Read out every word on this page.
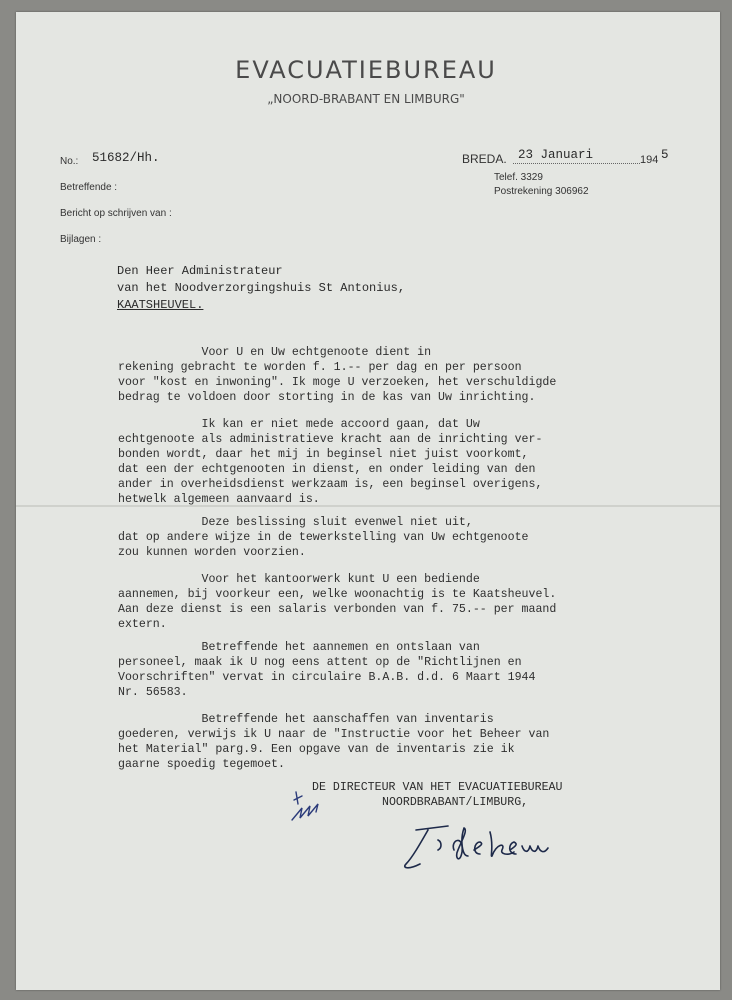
EVACUATIEBUREAU
„NOORD-BRABANT EN LIMBURG"
No.: 51682/Hh.
Betreffende :
Bericht op schrijven van :
Bijlagen :
BREDA. 23 Januari	194 5
Telef. 3329
Postrekening 306962
Den Heer Administrateur
van het Noodverzorgingshuis St Antonius,
KAATSHEUVEL.
Voor U en Uw echtgenoote dient in
rekening gebracht te worden f. 1.-- per dag en per persoon
voor "kost en inwoning". Ik moge U verzoeken, het verschuldigde
bedrag te voldoen door storting in de kas van Uw inrichting.
Ik kan er niet mede accoord gaan, dat Uw
echtgenoote als administratieve kracht aan de inrichting ver-
bonden wordt, daar het mij in beginsel niet juist voorkomt,
dat een der echtgenooten in dienst, en onder leiding van den
ander in overheidsdienst werkzaam is, een beginsel overigens,
hetwelk algemeen aanvaard is.
Deze beslissing sluit evenwel niet uit,
dat op andere wijze in de tewerkstelling van Uw echtgenoote
zou kunnen worden voorzien.
Voor het kantoorwerk kunt U een bediende
aannemen, bij voorkeur een, welke woonachtig is te Kaatsheuvel.
Aan deze dienst is een salaris verbonden van f. 75.-- per maand
extern.
Betreffende het aannemen en ontslaan van
personeel, maak ik U nog eens attent op de "Richtlijnen en
Voorschriften" vervat in circulaire B.A.B. d.d. 6 Maart 1944
Nr. 56583.
Betreffende het aanschaffen van inventaris
goederen, verwijs ik U naar de "Instructie voor het Beheer van
het Material" parg.9. Een opgave van de inventaris zie ik
gaarne spoedig tegemoet.
DE DIRECTEUR VAN HET EVACUATIEBUREAU
NOORDBRABANT/LIMBURG,
